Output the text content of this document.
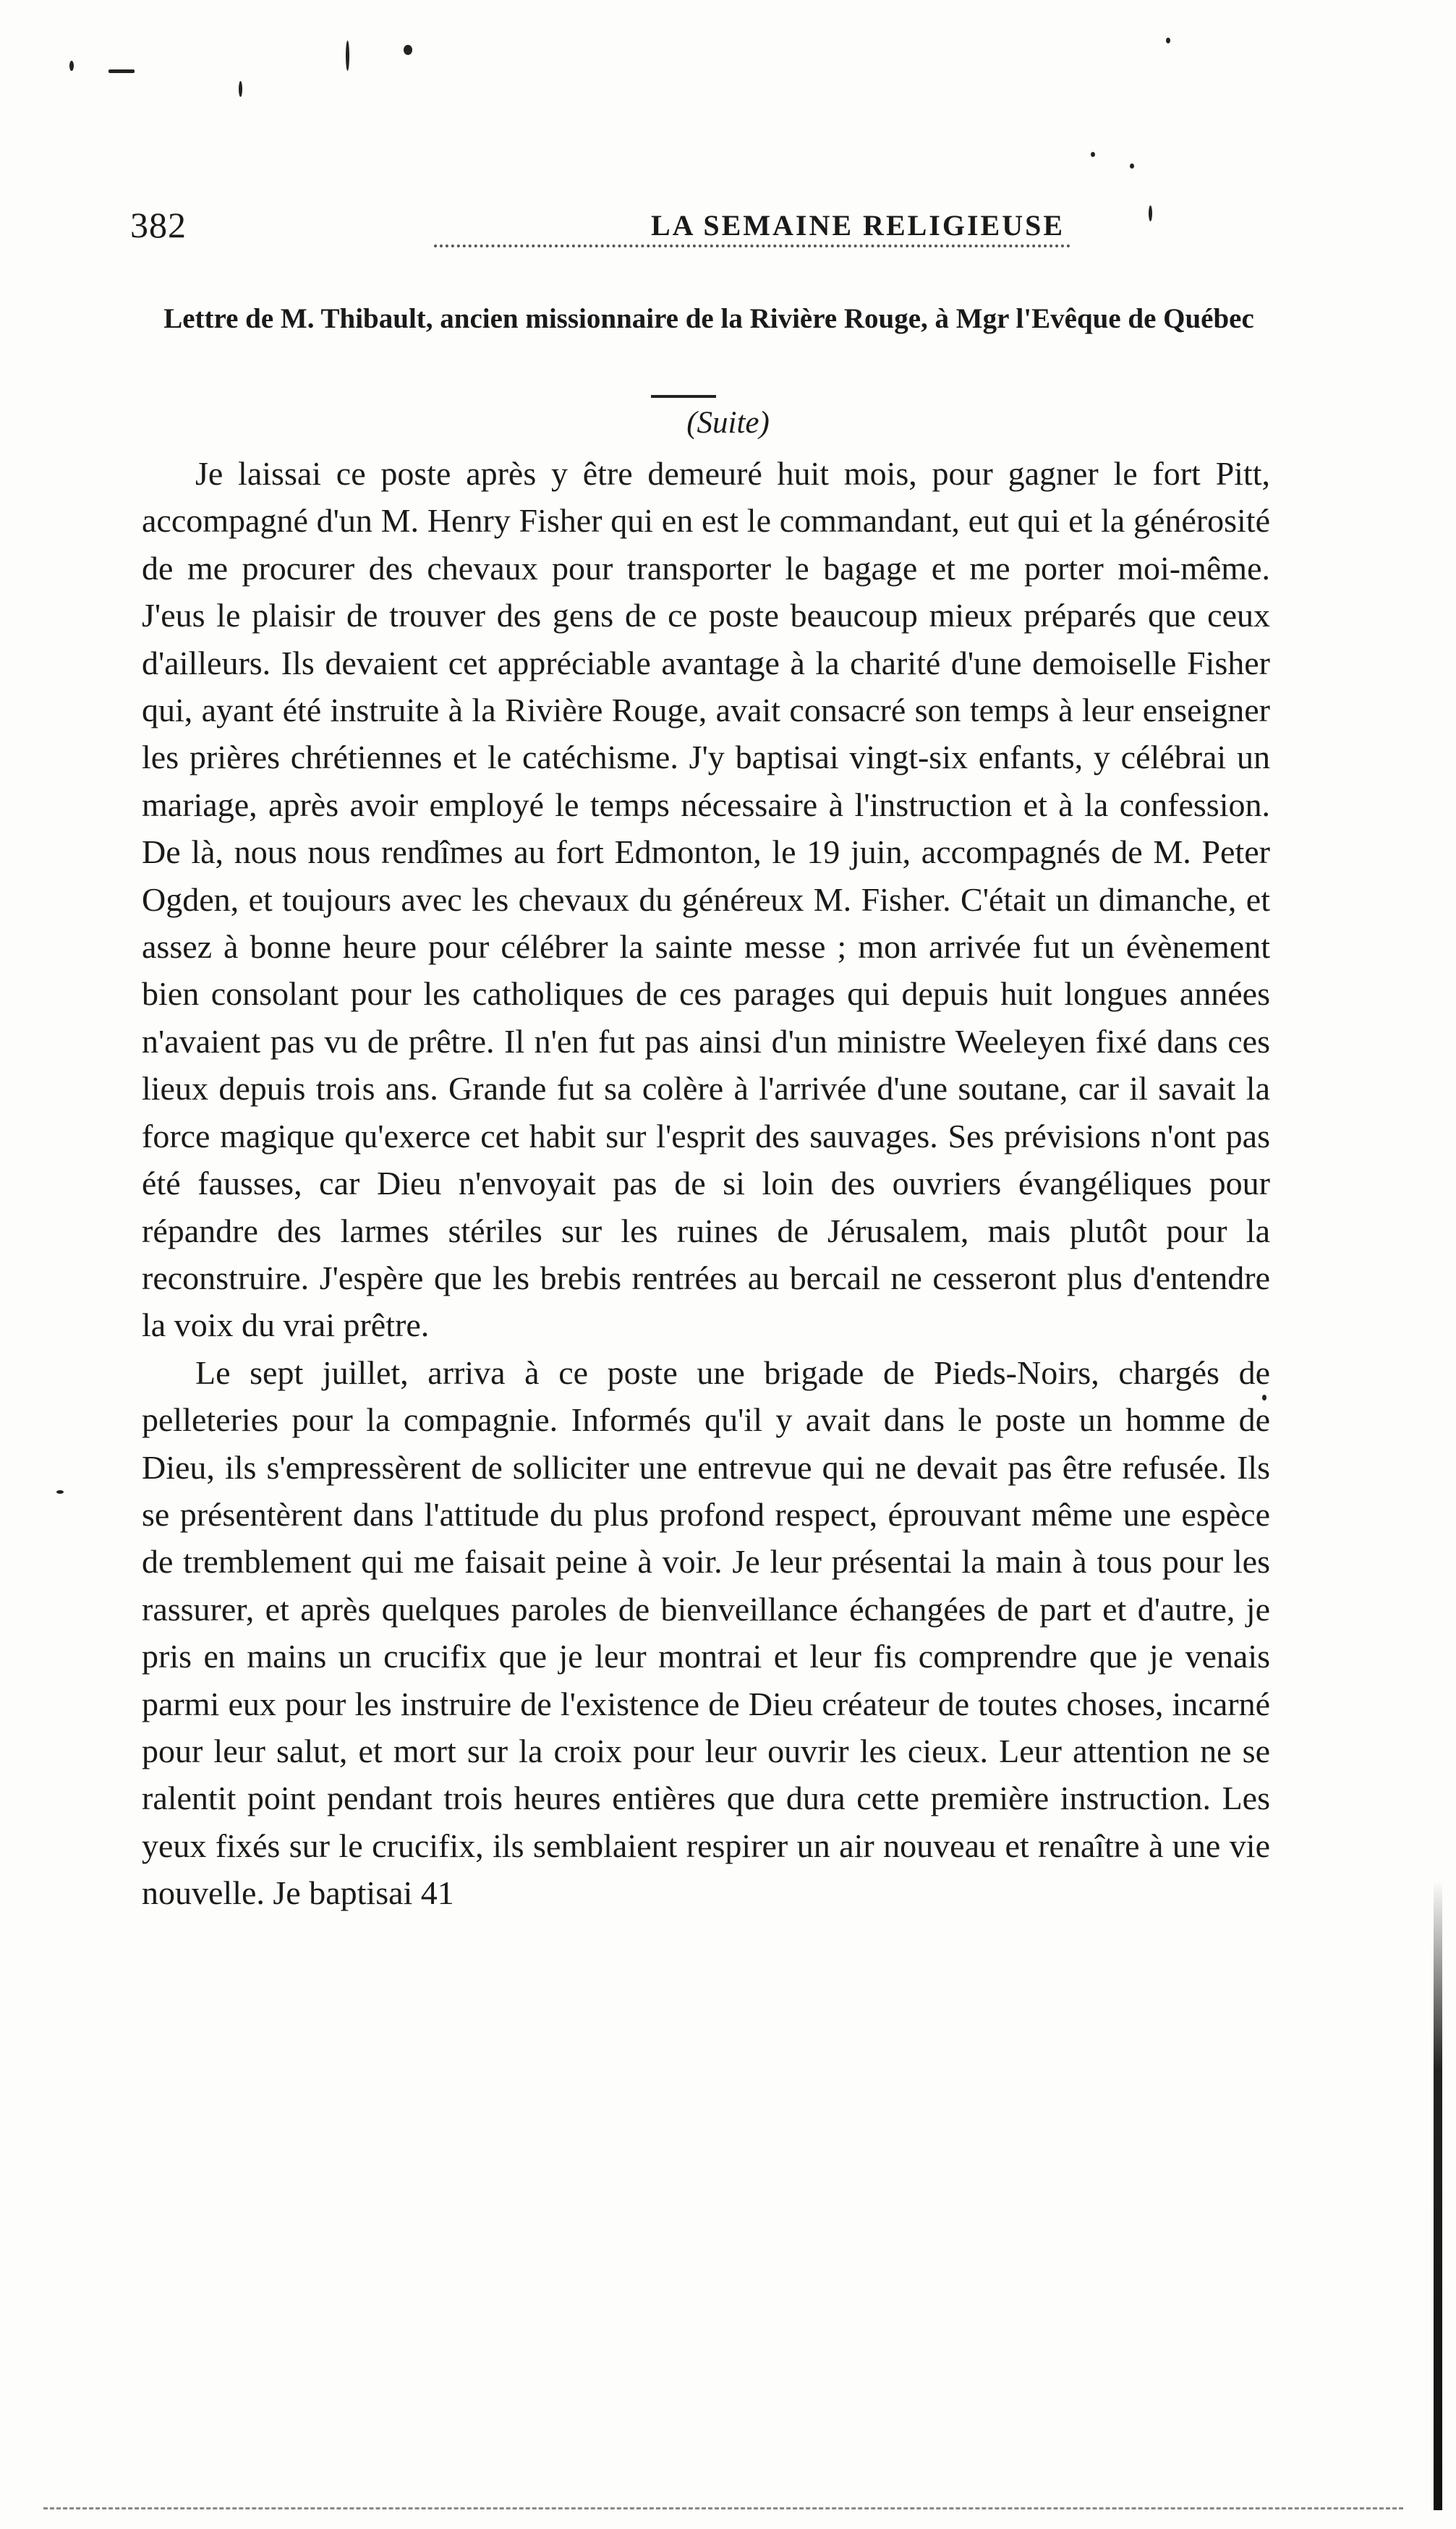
382	LA SEMAINE RELIGIEUSE
Lettre de M. Thibault, ancien missionnaire de la Rivière Rouge, à Mgr l'Evêque de Québec
(Suite)

Je laissai ce poste après y être demeuré huit mois, pour gagner le fort Pitt, accompagné d'un M. Henry Fisher qui en est le commandant, eut qui et la générosité de me procurer des chevaux pour transporter le bagage et me porter moi-même. J'eus le plaisir de trouver des gens de ce poste beaucoup mieux préparés que ceux d'ailleurs. Ils devaient cet appréciable avantage à la charité d'une demoiselle Fisher qui, ayant été instruite à la Rivière Rouge, avait consacré son temps à leur enseigner les prières chrétiennes et le catéchisme. J'y baptisai vingt-six enfants, y célébrai un mariage, après avoir employé le temps nécessaire à l'instruction et à la confession. De là, nous nous rendîmes au fort Edmonton, le 19 juin, accompagnés de M. Peter Ogden, et toujours avec les chevaux du généreux M. Fisher. C'était un dimanche, et assez à bonne heure pour célébrer la sainte messe ; mon arrivée fut un évènement bien consolant pour les catholiques de ces parages qui depuis huit longues années n'avaient pas vu de prêtre. Il n'en fut pas ainsi d'un ministre Weeleyen fixé dans ces lieux depuis trois ans. Grande fut sa colère à l'arrivée d'une soutane, car il savait la force magique qu'exerce cet habit sur l'esprit des sauvages. Ses prévisions n'ont pas été fausses, car Dieu n'envoyait pas de si loin des ouvriers évangéliques pour répandre des larmes stériles sur les ruines de Jérusalem, mais plutôt pour la reconstruire. J'espère que les brebis rentrées au bercail ne cesseront plus d'entendre la voix du vrai prêtre.

Le sept juillet, arriva à ce poste une brigade de Pieds-Noirs, chargés de pelleteries pour la compagnie. Informés qu'il y avait dans le poste un homme de Dieu, ils s'empressèrent de solliciter une entrevue qui ne devait pas être refusée. Ils se présentèrent dans l'attitude du plus profond respect, éprouvant même une espèce de tremblement qui me faisait peine à voir. Je leur présentai la main à tous pour les rassurer, et après quelques paroles de bienveillance échangées de part et d'autre, je pris en mains un crucifix que je leur montrai et leur fis comprendre que je venais parmi eux pour les instruire de l'existence de Dieu créateur de toutes choses, incarné pour leur salut, et mort sur la croix pour leur ouvrir les cieux. Leur attention ne se ralentit point pendant trois heures entières que dura cette première instruction. Les yeux fixés sur le crucifix, ils semblaient respirer un air nouveau et renaître à une vie nouvelle. Je baptisai 41
